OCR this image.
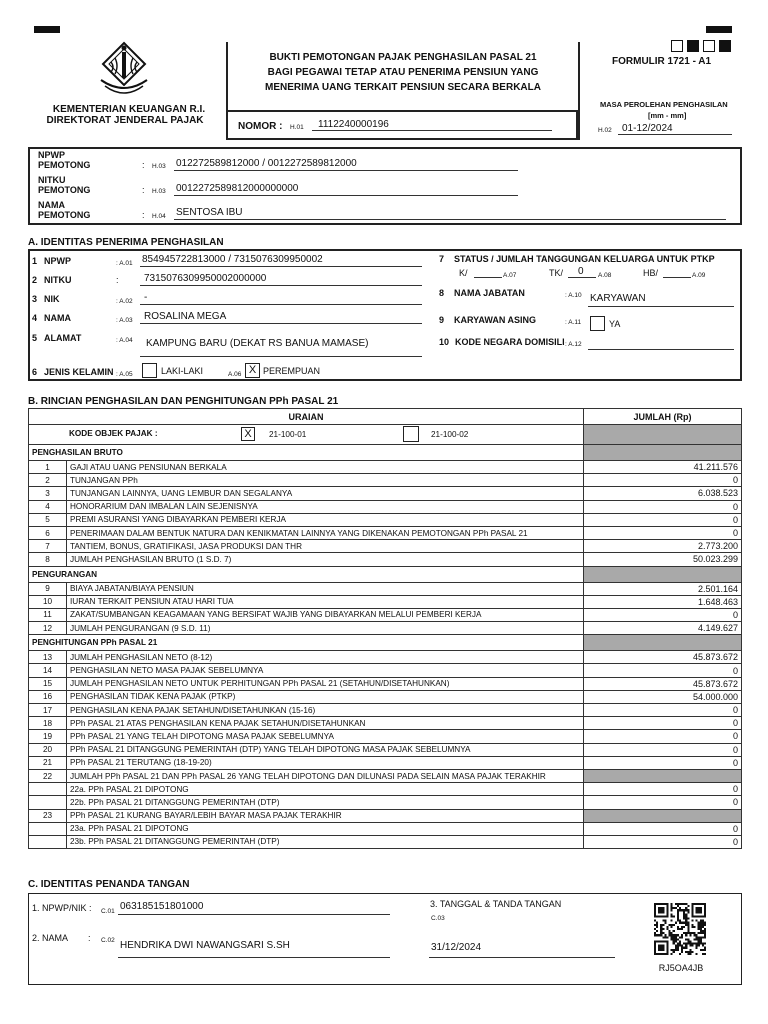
KEMENTERIAN KEUANGAN R.I.
DIREKTORAT JENDERAL PAJAK
BUKTI PEMOTONGAN PAJAK PENGHASILAN PASAL 21
BAGI PEGAWAI TETAP ATAU PENERIMA PENSIUN YANG
MENERIMA UANG TERKAIT PENSIUN SECARA BERKALA
NOMOR : H.01 1112240000196
FORMULIR 1721 - A1
MASA PEROLEHAN PENGHASILAN
[mm - mm]
H.02 01-12/2024
NPWP
PEMOTONG	: H.03 012272589812000 / 0012272589812000
NITKU
PEMOTONG	: H.03 0012272589812000000000
NAMA
PEMOTONG	: H.04 SENTOSA IBU
A. IDENTITAS PENERIMA PENGHASILAN
1 NPWP	: A.01 854945722813000 / 7315076309950002
2 NITKU	:	7315076309950002000000
3 NIK	: A.02 -
4 NAMA	: A.03 ROSALINA MEGA
5 ALAMAT	: A.04 KAMPUNG BARU (DEKAT RS BANUA MAMASE)
6 JENIS KELAMIN : A.05	LAKI-LAKI	A.06 X PEREMPUAN
7 STATUS / JUMLAH TANGGUNGAN KELUARGA UNTUK PTKP
K/	A.07	TK/ 0 A.08	HB/	A.09
8 NAMA JABATAN	: A.10 KARYAWAN
9 KARYAWAN ASING	: A.11	YA
10 KODE NEGARA DOMISILI : A.12
B. RINCIAN PENGHASILAN DAN PENGHITUNGAN PPh PASAL 21
URAIAN		JUMLAH (Rp)

KODE OBJEK PAJAK : X 21-100-01 21-100-02		

PENGHASILAN BRUTO		
1	GAJI ATAU UANG PENSIUNAN BERKALA	41.211.576
2	TUNJANGAN PPh	0
3	TUNJANGAN LAINNYA, UANG LEMBUR DAN SEGALANYA	6.038.523
4	HONORARIUM DAN IMBALAN LAIN SEJENISNYA	0
5	PREMI ASURANSI YANG DIBAYARKAN PEMBERI KERJA	0
6	PENERIMAAN DALAM BENTUK NATURA DAN KENIKMATAN LAINNYA YANG DIKENAKAN PEMOTONGAN PPh PASAL 21	0
7	TANTIEM, BONUS, GRATIFIKASI, JASA PRODUKSI DAN THR	2.773.200
8	JUMLAH PENGHASILAN BRUTO (1 S.D. 7)	50.023.299
PENGURANGAN		
9	BIAYA JABATAN/BIAYA PENSIUN	2.501.164
10	IURAN TERKAIT PENSIUN ATAU HARI TUA	1.648.463
11	ZAKAT/SUMBANGAN KEAGAMAAN YANG BERSIFAT WAJIB YANG DIBAYARKAN MELALUI PEMBERI KERJA	0
12	JUMLAH PENGURANGAN (9 S.D. 11)	4.149.627
PENGHITUNGAN PPh PASAL 21		
13	JUMLAH PENGHASILAN NETO (8-12)	45.873.672
14	PENGHASILAN NETO MASA PAJAK SEBELUMNYA	0
15	JUMLAH PENGHASILAN NETO UNTUK PERHITUNGAN PPh PASAL 21 (SETAHUN/DISETAHUNKAN)	45.873.672
16	PENGHASILAN TIDAK KENA PAJAK (PTKP)	54.000.000
17	PENGHASILAN KENA PAJAK SETAHUN/DISETAHUNKAN (15-16)	0
18	PPh PASAL 21 ATAS PENGHASILAN KENA PAJAK SETAHUN/DISETAHUNKAN	0
19	PPh PASAL 21 YANG TELAH DIPOTONG MASA PAJAK SEBELUMNYA	0
20	PPh PASAL 21 DITANGGUNG PEMERINTAH (DTP) YANG TELAH DIPOTONG MASA PAJAK SEBELUMNYA	0
21	PPh PASAL 21 TERUTANG (18-19-20)	0
22	JUMLAH PPh PASAL 21 DAN PPh PASAL 26 YANG TELAH DIPOTONG DAN DILUNASI PADA SELAIN MASA PAJAK TERAKHIR	
	22a. PPh PASAL 21 DIPOTONG	0
	22b. PPh PASAL 21 DITANGGUNG PEMERINTAH (DTP)	0
23	PPh PASAL 21 KURANG BAYAR/LEBIH BAYAR MASA PAJAK TERAKHIR	
	23a. PPh PASAL 21 DIPOTONG	0
	23b. PPh PASAL 21 DITANGGUNG PEMERINTAH (DTP)	0
C. IDENTITAS PENANDA TANGAN
1. NPWP/NIK : C.01 063185151801000
2. NAMA : C.02 HENDRIKA DWI NAWANGSARI S.SH
3. TANGGAL & TANDA TANGAN
C.03
31/12/2024
RJ5OA4JB
